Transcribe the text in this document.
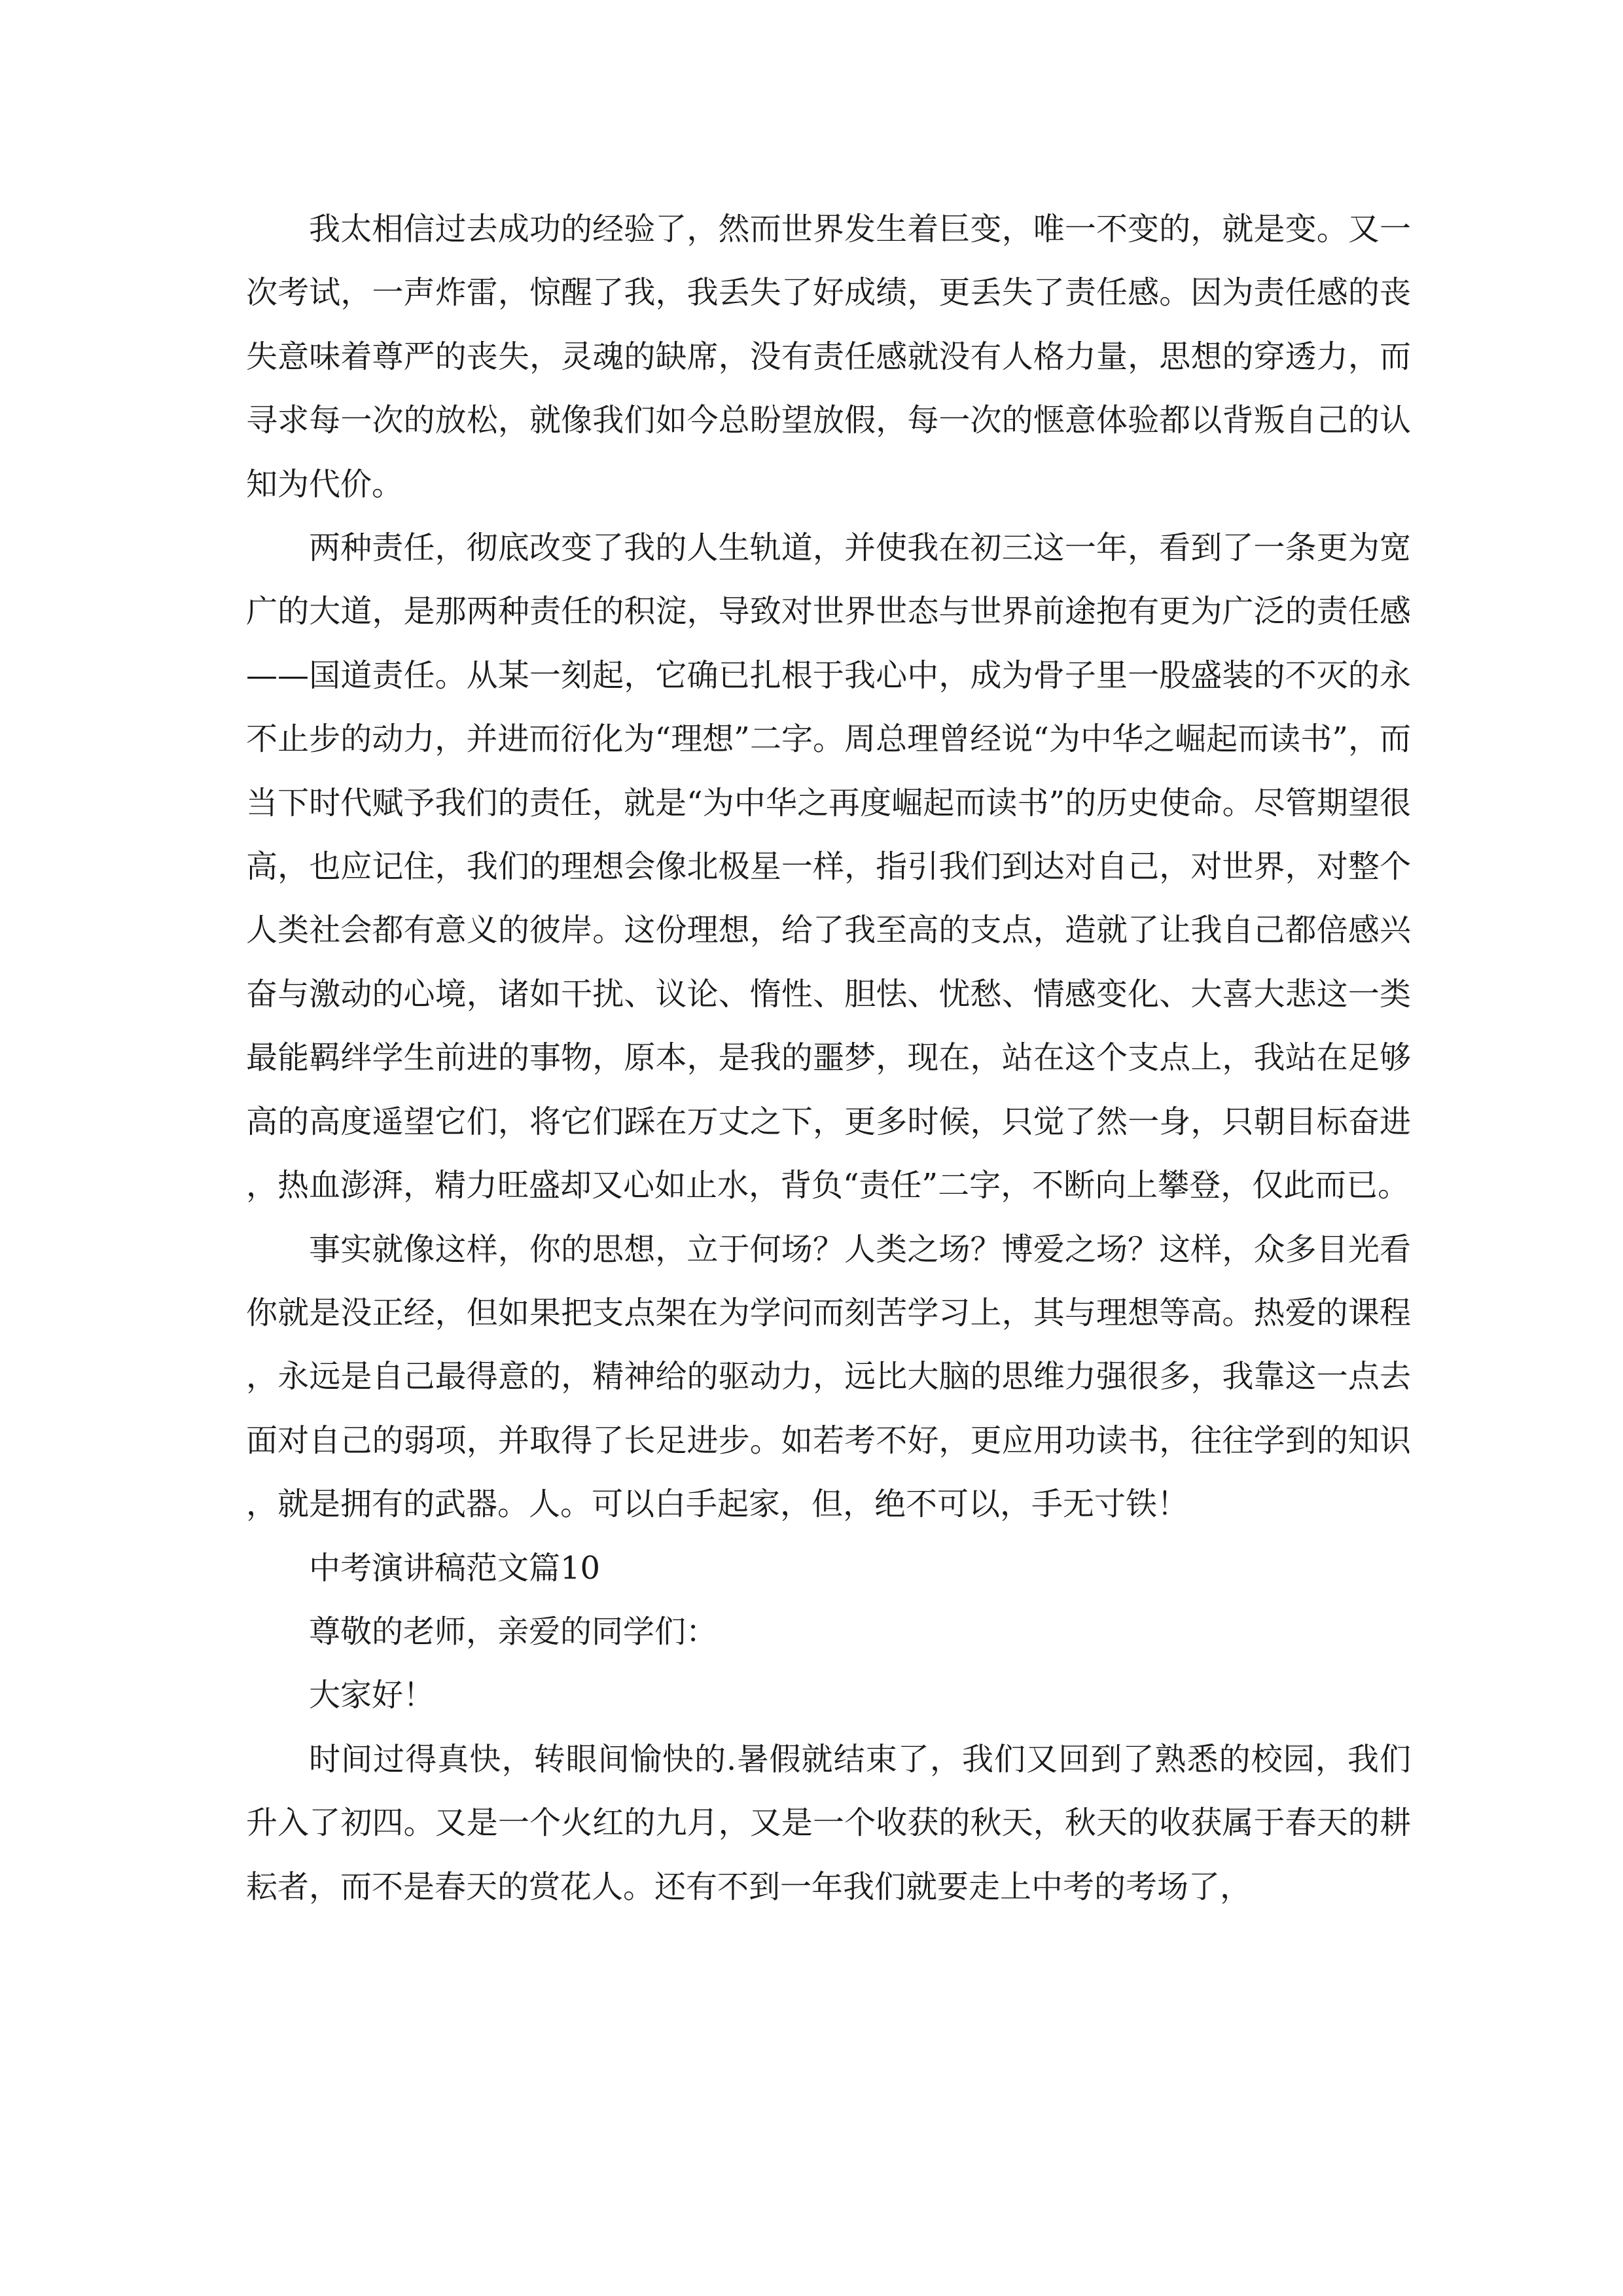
我太相信过去成功的经验了，然而世界发生着巨变，唯一不变的，就是变。又一次考试，一声炸雷，惊醒了我，我丢失了好成绩，更丢失了责任感。因为责任感的丧失意味着尊严的丧失，灵魂的缺席，没有责任感就没有人格力量，思想的穿透力，而寻求每一次的放松，就像我们如今总盼望放假，每一次的惬意体验都以背叛自己的认知为代价。

两种责任，彻底改变了我的人生轨道，并使我在初三这一年，看到了一条更为宽广的大道，是那两种责任的积淀，导致对世界世态与世界前途抱有更为广泛的责任感——国道责任。从某一刻起，它确已扎根于我心中，成为骨子里一股盛装的不灭的永不止步的动力，并进而衍化为“理想”二字。周总理曾经说“为中华之崛起而读书”，而当下时代赋予我们的责任，就是“为中华之再度崛起而读书”的历史使命。尽管期望很高，也应记住，我们的理想会像北极星一样，指引我们到达对自己，对世界，对整个人类社会都有意义的彼岸。这份理想，给了我至高的支点，造就了让我自己都倍感兴奋与激动的心境，诸如干扰、议论、惰性、胆怯、忧愁、情感变化、大喜大悲这一类最能羁绊学生前进的事物，原本，是我的噩梦，现在，站在这个支点上，我站在足够高的高度遥望它们，将它们踩在万丈之下，更多时候，只觉了然一身，只朝目标奋进，热血澎湃，精力旺盛却又心如止水，背负“责任”二字，不断向上攀登，仅此而已。

事实就像这样，你的思想，立于何场？人类之场？博爱之场？这样，众多目光看你就是没正经，但如果把支点架在为学问而刻苦学习上，其与理想等高。热爱的课程，永远是自己最得意的，精神给的驱动力，远比大脑的思维力强很多，我靠这一点去面对自己的弱项，并取得了长足进步。如若考不好，更应用功读书，往往学到的知识，就是拥有的武器。人。可以白手起家，但，绝不可以，手无寸铁！

中考演讲稿范文篇10

尊敬的老师，亲爱的同学们：

大家好！

时间过得真快，转眼间愉快的.暑假就结束了，我们又回到了熟悉的校园，我们升入了初四。又是一个火红的九月，又是一个收获的秋天，秋天的收获属于春天的耕耘者，而不是春天的赏花人。还有不到一年我们就要走上中考的考场了，
